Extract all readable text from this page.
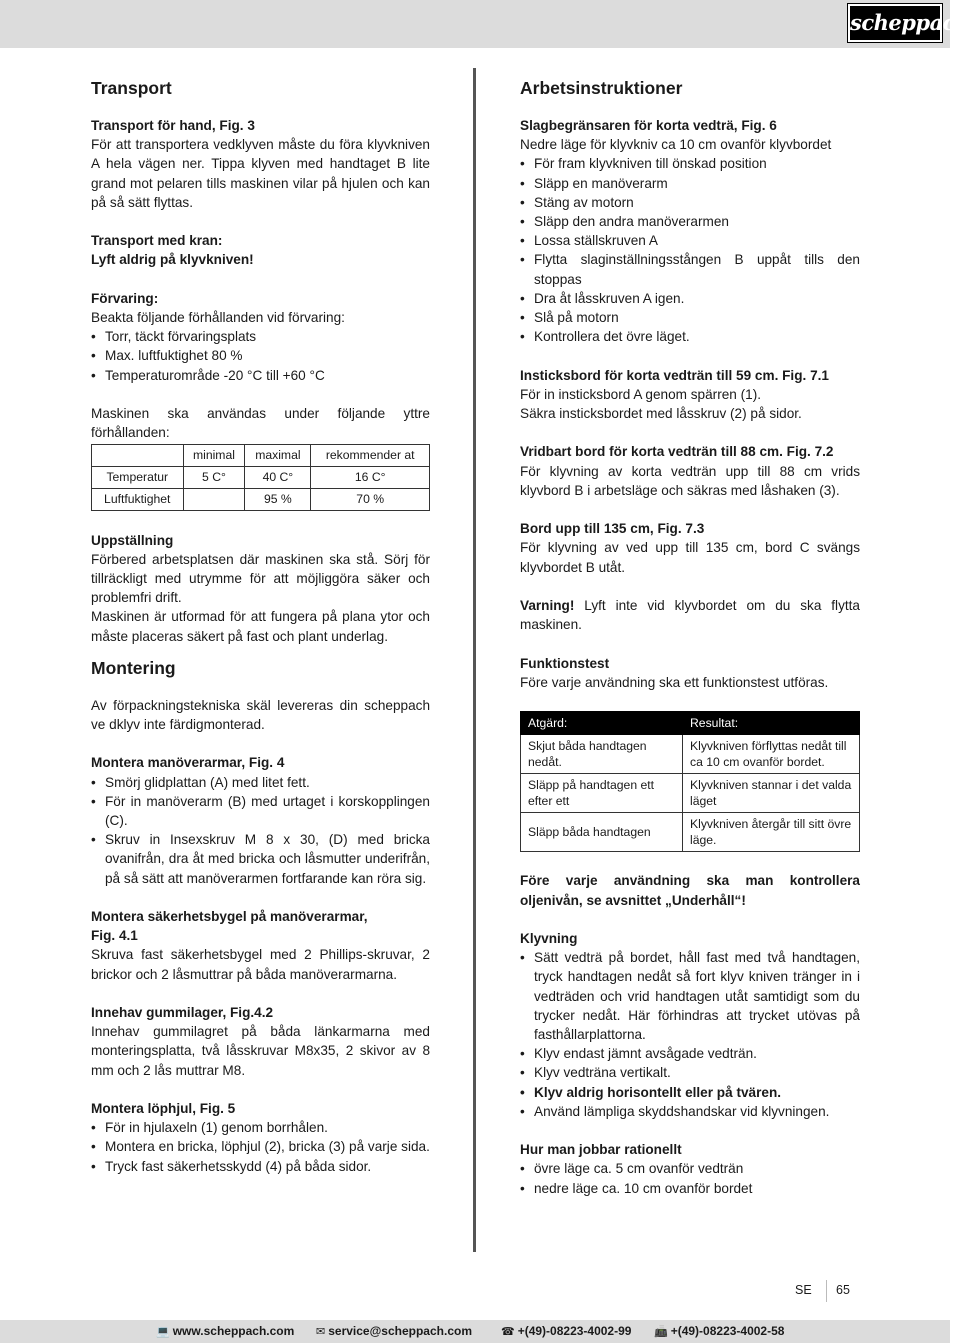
scheppach
Transport
Transport för hand, Fig. 3

För att transportera vedklyven måste du föra klyvkniven A hela vägen ner. Tippa klyven med handtaget B lite grand mot pelaren tills maskinen vilar på hjulen och kan på så sätt flyttas.

Transport med kran:
Lyft aldrig på klyvkniven!
Förvaring:

Beakta följande förhållanden vid förvaring:

• Torr, täckt förvaringsplats
• Max. luftfuktighet 80 %
• Temperaturområde -20 °C till +60 °C

Maskinen ska användas under följande yttre förhållanden:

	minimal	maximal	rekommender at
Temperatur	5 C°	40 C°	16 C°
Luftfuktighet		95 %	70 %
Uppställning

Förbered arbetsplatsen där maskinen ska stå. Sörj för tillräckligt med utrymme för att möjliggöra säker och problemfri drift.

Maskinen är utformad för att fungera på plana ytor och måste placeras säkert på fast och plant underlag.

Montering

Av förpackningstekniska skäl levereras din scheppach ve dklyv inte färdigmonterad.

Montera manöverarmar, Fig. 4
• Smörj glidplattan (A) med litet fett.
• För in manöverarm (B) med urtaget i korskopplingen (C).
• Skruv in Insexskruv M 8 x 30, (D) med bricka ovanifrån, dra åt med bricka och låsmutter underifrån, på så sätt att manöverarmen fortfarande kan röra sig.
Montera säkerhetsbygel på manöverarmar,
Fig. 4.1

Skruva fast säkerhetsbygel med 2 Phillips-skruvar, 2 brickor och 2 låsmuttrar på båda manöverarmarna.

Innehav gummilager, Fig.4.2

Innehav gummilagret på båda länkarmarna med monteringsplatta, två låsskruvar M8x35, 2 skivor av 8 mm och 2 lås muttrar M8.

Montera löphjul, Fig. 5
• För in hjulaxeln (1) genom borrhålen.
• Montera en bricka, löphjul (2), bricka (3) på varje sida.
• Tryck fast säkerhetsskydd (4) på båda sidor.
Arbetsinstruktioner
Slagbegränsaren för korta vedträ, Fig. 6

Nedre läge för klyvkniv ca 10 cm ovanför klyvbordet

• För fram klyvkniven till önskad position
• Släpp en manöverarm
• Stäng av motorn
• Släpp den andra manöverarmen
• Lossa ställskruven A
• Flytta slaginställningsstången B uppåt tills den stoppas
• Dra åt låsskruven A igen.
• Slå på motorn
• Kontrollera det övre läget.
Insticksbord för korta vedträn till 59 cm. Fig. 7.1

För in insticksbord A genom spärren (1).

Säkra insticksbordet med låsskruv (2) på sidor.

Vridbart bord för korta vedträn till 88 cm. Fig. 7.2

För klyvning av korta vedträn upp till 88 cm vrids klyvbord B i arbetsläge och säkras med låshaken (3).

Bord upp till 135 cm, Fig. 7.3

För klyvning av ved upp till 135 cm, bord C svängs klyvbordet B utåt.

Varning! Lyft inte vid klyvbordet om du ska flytta maskinen.

Funktionstest

Före varje användning ska ett funktionstest utföras.

Atgärd:	Resultat:
Skjut båda handtagen nedåt.	Klyvkniven förflyttas nedåt till ca 10 cm ovanför bordet.
Släpp på handtagen ett efter ett	Klyvkniven stannar i det valda läget
Släpp båda handtagen	Klyvkniven återgår till sitt övre läge.
Före varje användning ska man kontrollera oljenivån, se avsnittet „Underhåll“!
Klyvning
• Sätt vedträ på bordet, håll fast med två handtagen, tryck handtagen nedåt så fort klyv kniven tränger in i vedträden och vrid handtagen utåt samtidigt som du trycker nedåt. Här förhindras att trycket utövas på fasthållarplattorna.
• Klyv endast jämnt avsågade vedträn.
• Klyv vedträna vertikalt.
• Klyv aldrig horisontellt eller på tvären.
• Använd lämpliga skyddshandskar vid klyvningen.
Hur man jobbar rationellt
• övre läge ca. 5 cm ovanför vedträn
• nedre läge ca. 10 cm ovanför bordet
SE 65
💻 www.scheppach.com ✉ service@scheppach.com	☎ +(49)-08223-4002-99 📠 +(49)-08223-4002-58
